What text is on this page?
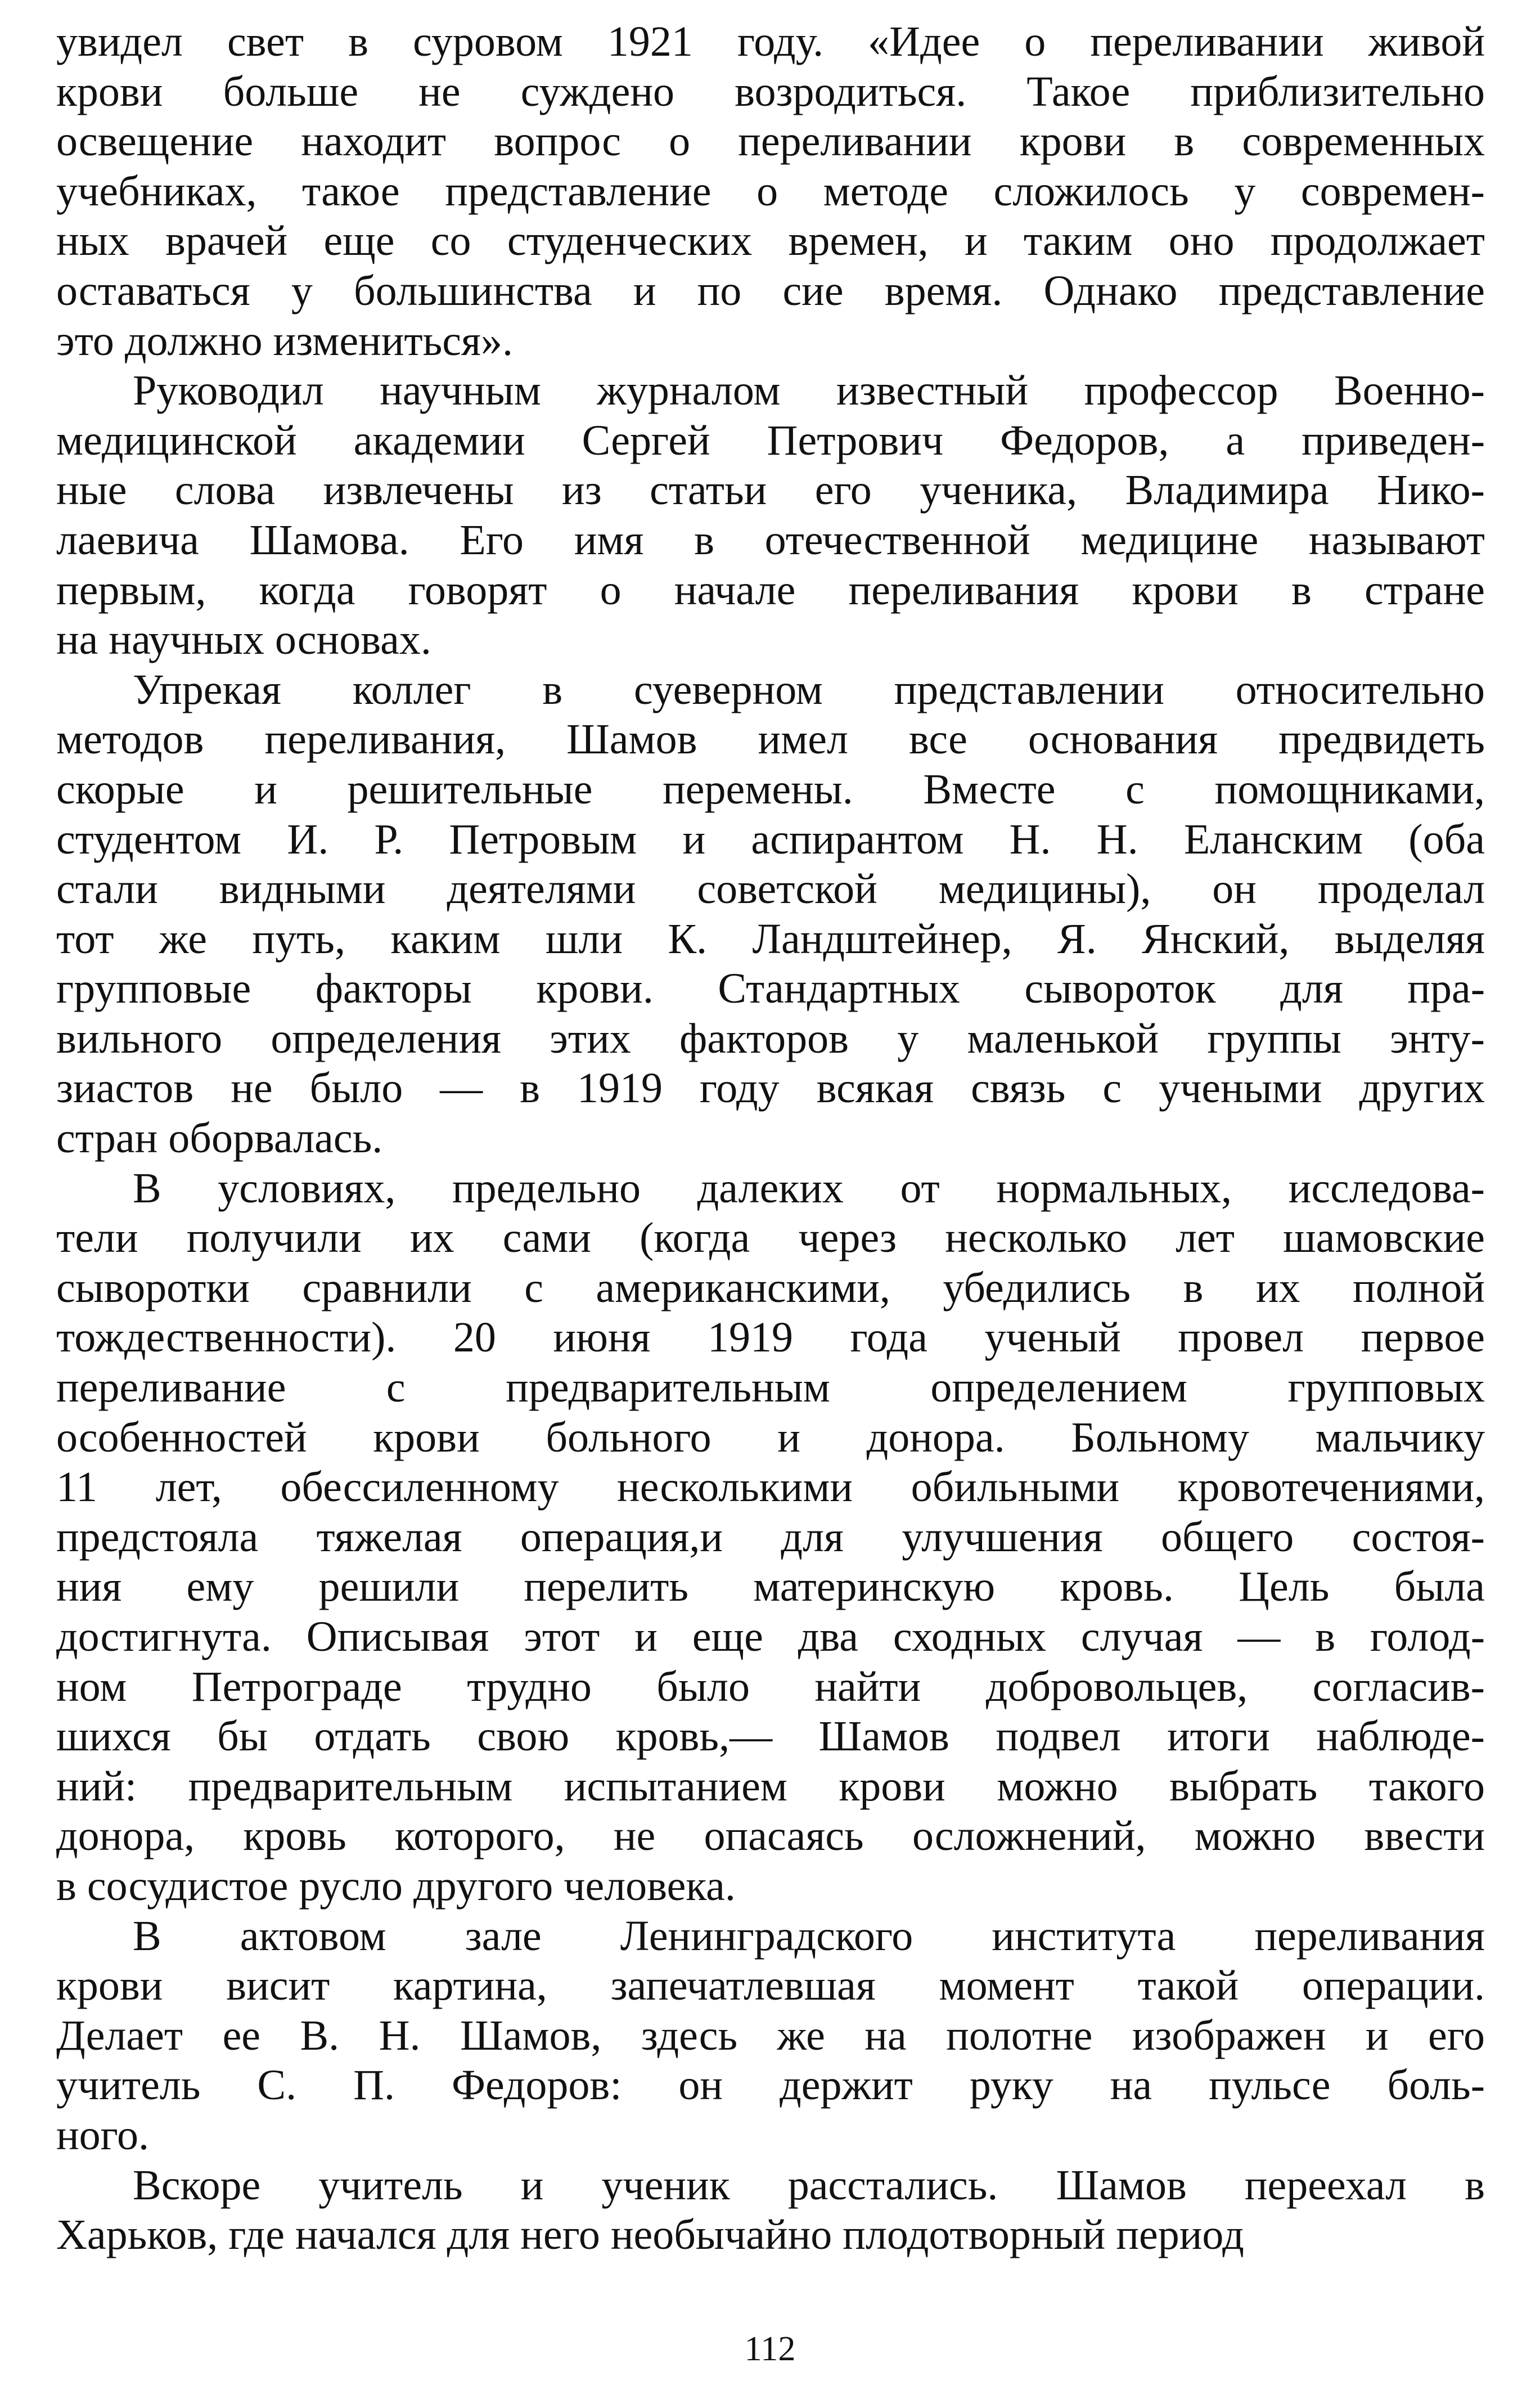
увидел свет в суровом 1921 году. «Идее о переливании живой
крови больше не суждено возродиться. Такое приблизительно
освещение находит вопрос о переливании крови в современных
учебниках, такое представление о методе сложилось у современ-
ных врачей еще со студенческих времен, и таким оно продолжает
оставаться у большинства и по сие время. Однако представление
это должно измениться».
Руководил научным журналом известный профессор Военно-
медицинской академии Сергей Петрович Федоров, а приведен-
ные слова извлечены из статьи его ученика, Владимира Нико-
лаевича Шамова. Его имя в отечественной медицине называют
первым, когда говорят о начале переливания крови в стране
на научных основах.
Упрекая коллег в суеверном представлении относительно
методов переливания, Шамов имел все основания предвидеть
скорые и решительные перемены. Вместе с помощниками,
студентом И. Р. Петровым и аспирантом Н. Н. Еланским (оба
стали видными деятелями советской медицины), он проделал
тот же путь, каким шли К. Ландштейнер, Я. Янский, выделяя
групповые факторы крови. Стандартных сывороток для пра-
вильного определения этих факторов у маленькой группы энту-
зиастов не было — в 1919 году всякая связь с учеными других
стран оборвалась.
В условиях, предельно далеких от нормальных, исследова-
тели получили их сами (когда через несколько лет шамовские
сыворотки сравнили с американскими, убедились в их полной
тождественности). 20 июня 1919 года ученый провел первое
переливание с предварительным определением групповых
особенностей крови больного и донора. Больному мальчику
11 лет, обессиленному несколькими обильными кровотечениями,
предстояла тяжелая операция,и для улучшения общего состоя-
ния ему решили перелить материнскую кровь. Цель была
достигнута. Описывая этот и еще два сходных случая — в голод-
ном Петрограде трудно было найти добровольцев, согласив-
шихся бы отдать свою кровь,— Шамов подвел итоги наблюде-
ний: предварительным испытанием крови можно выбрать такого
донора, кровь которого, не опасаясь осложнений, можно ввести
в сосудистое русло другого человека.
В актовом зале Ленинградского института переливания
крови висит картина, запечатлевшая момент такой операции.
Делает ее В. Н. Шамов, здесь же на полотне изображен и его
учитель С. П. Федоров: он держит руку на пульсе боль-
ного.
Вскоре учитель и ученик расстались. Шамов переехал в
Харьков, где начался для него необычайно плодотворный период
112
